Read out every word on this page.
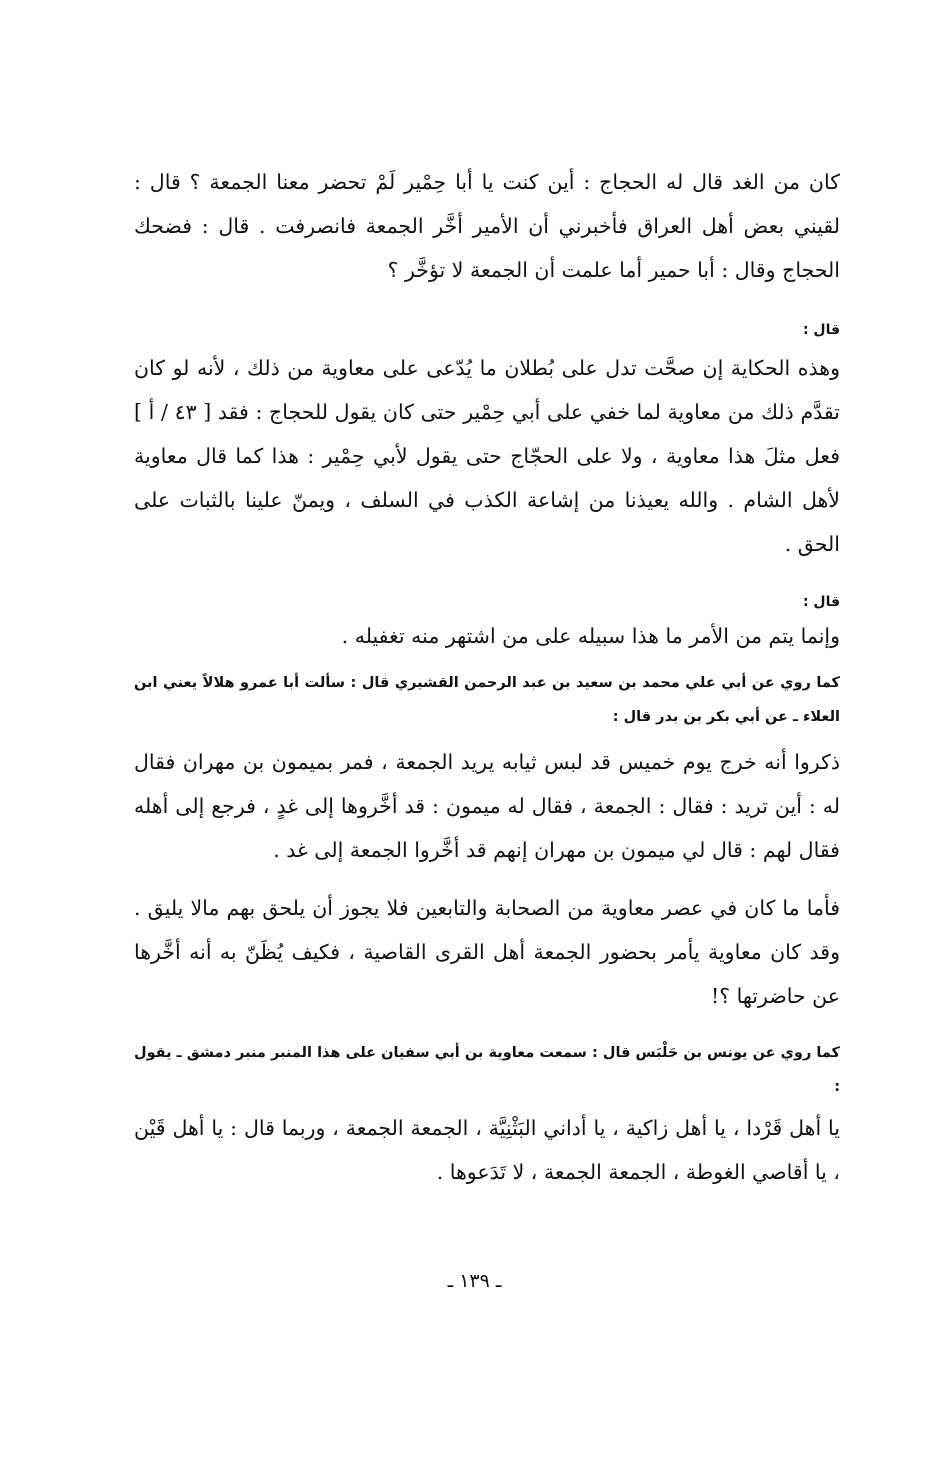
كان من الغد قال له الحجاج : أين كنت يا أبا حِمْير لَمْ تحضر معنا الجمعة ؟ قال : لقيني بعض أهل العراق فأخبرني أن الأمير أخَّر الجمعة فانصرفت . قال : فضحك الحجاج وقال : أبا حمير أما علمت أن الجمعة لا تؤخَّر ؟

قال :

وهذه الحكاية إن صحَّت تدل على بُطلان ما يُدّعى على معاوية من ذلك ، لأنه لو كان تقدَّم ذلك من معاوية لما خفي على أبي حِمْير حتى كان يقول للحجاج : فقد [ ٤٣ / أ ] فعل مثلَ هذا معاوية ، ولا على الحجّاج حتى يقول لأبي حِمْير : هذا كما قال معاوية لأهل الشام . والله يعيذنا من إشاعة الكذب في السلف ، ويمنّ علينا بالثبات على الحق .

قال :

وإنما يتم من الأمر ما هذا سبيله على من اشتهر منه تغفيله .

كما روي عن أبي علي محمد بن سعيد بن عبد الرحمن القشيري قال : سألت أبا عمرو هلالاً يعني ابن العلاء ـ عن أبي بكر بن بدر قال :

ذكروا أنه خرج يوم خميس قد لبس ثيابه يريد الجمعة ، فمر بميمون بن مهران فقال له : أين تريد : فقال : الجمعة ، فقال له ميمون : قد أخَّروها إلى غدٍ ، فرجع إلى أهله فقال لهم : قال لي ميمون بن مهران إنهم قد أخَّروا الجمعة إلى غد .

فأما ما كان في عصر معاوية من الصحابة والتابعين فلا يجوز أن يلحق بهم مالا يليق . وقد كان معاوية يأمر بحضور الجمعة أهل القرى القاصية ، فكيف يُظَنّ به أنه أخَّرها عن حاضرتها ؟!

كما روي عن يونس بن حَلْبَس قال : سمعت معاوية بن أبي سفيان على هذا المنبر منبر دمشق ـ يقول :

يا أهل قَرْدا ، يا أهل زاكية ، يا أداني البَثْنِيَّة ، الجمعة الجمعة ، وربما قال : يا أهل قَيْن ، يا أقاصي الغوطة ، الجمعة الجمعة ، لا تَدَعوها .

ـ ١٣٩ ـ
